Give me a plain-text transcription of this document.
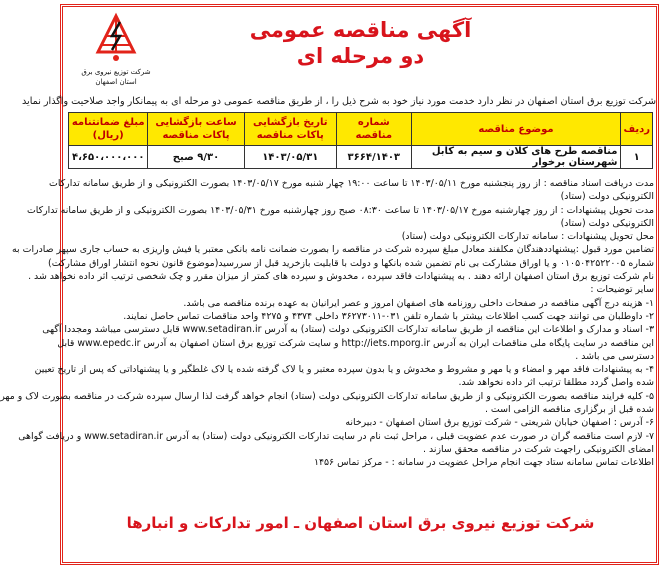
آگهی مناقصه عمومی
دو مرحله ای
شرکت توزیع نیروی برق
استان اصفهان
شرکت توزیع برق استان اصفهان در نظر دارد خدمت مورد نیاز خود به شرح ذیل را ، از طریق مناقصه عمومی دو مرحله ای به پیمانکار واجد صلاحیت واگذار نماید
ردیف	موضوع مناقصه	شماره مناقصه	تاریخ بازگشایی پاکات مناقصه	ساعت بازگشایی پاکات مناقصه	مبلغ ضمانتنامه (ریال)
۱	مناقصه طرح های کلان و سیم به کابل شهرستان برخوار	۳۶۶۴/۱۴۰۳	۱۴۰۳/۰۵/۳۱	۹/۳۰ صبح	۴،۶۵۰،۰۰۰،۰۰۰

مدت دریافت اسناد مناقصه : از روز پنجشنبه مورخ ۱۴۰۳/۰۵/۱۱ تا ساعت ۱۹:۰۰ چهار شنبه مورخ ۱۴۰۳/۰۵/۱۷ بصورت الکترونیکی و از طریق سامانه تدارکات

الکترونیکی دولت (ستاد)

مدت تحویل پیشنهادات : از روز چهارشنبه مورخ ۱۴۰۳/۰۵/۱۷ تا ساعت ۰۸:۳۰ صبح روز چهارشنبه مورخ ۱۴۰۳/۰۵/۳۱ بصورت الکترونیکی و از طریق سامانه تدارکات

الکترونیکی دولت (ستاد)

محل تحویل پیشنهادات : سامانه تدارکات الکترونیکی دولت (ستاد)

تضامین مورد قبول :پیشنهاددهندگان مکلفند معادل مبلغ سپرده شرکت در مناقصه را بصورت ضمانت نامه بانکی معتبر یا فیش واریزی به حساب جاری سپهر صادرات به

شماره ۰۱۰۵۰۴۲۵۲۲۰۰۵ و یا اوراق مشارکت بی نام تضمین شده بانکها و دولت با قابلیت بازخرید قبل از سررسید(موضوع قانون نحوه انتشار اوراق مشارکت)

نام شرکت توزیع برق استان اصفهان ارائه دهند . به پیشنهادات فاقد سپرده ، مخدوش و سپرده های کمتر از میزان مقرر و چک شخصی ترتیب اثر داده نخواهد شد .

سایر توضیحات :

۱- هزینه درج آگهی مناقصه در صفحات داخلی روزنامه های اصفهان امروز و عصر ایرانیان به عهده برنده مناقصه می باشد.

۲- داوطلبان می توانند جهت کسب اطلاعات بیشتر با شماره تلفن ۰۳۱-۳۶۲۷۳۰۱۱ داخلی ۴۳۷۴ و ۴۲۷۵ واحد مناقصات تماس حاصل نمایند.

۳- اسناد و مدارک و اطلاعات این مناقصه از طریق سامانه تدارکات الکترونیکی دولت (ستاد) به آدرس www.setadiran.ir قابل دسترسی میباشد ومجددا آگهی

این مناقصه در سایت پایگاه ملی مناقصات ایران به آدرس http://iets.mporg.ir و سایت شرکت توزیع برق استان اصفهان به آدرس www.epedc.ir قابل

دسترسی می باشد .

۴- به پیشنهادات فاقد مهر و امضاء و یا مهر و مشروط و مخدوش و یا بدون سپرده معتبر و یا لاک گرفته شده یا لاک غلطگیر و یا پیشنهاداتی که پس از تاریخ تعیین

شده واصل گردد مطلقا ترتیب اثر داده نخواهد شد.

۵- کلیه فرایند مناقصه بصورت الکترونیکی و از طریق سامانه تدارکات الکترونیکی دولت (ستاد) انجام خواهد گرفت لذا ارسال سپرده شرکت در مناقصه بصورت لاک و مهر

شده قبل از برگزاری مناقصه الزامی است .

۶- آدرس : اصفهان خیابان شریعتی - شرکت توزیع برق استان اصفهان - دبیرخانه

۷- لازم است مناقصه گران در صورت عدم عضویت قبلی ، مراحل ثبت نام در سایت تدارکات الکترونیکی دولت (ستاد) به آدرس www.setadiran.ir و دریافت گواهی

امضای الکترونیکی راجهت شرکت در مناقصه محقق سازند .

اطلاعات تماس سامانه ستاد جهت انجام مراحل عضویت در سامانه : - مرکز تماس ۱۴۵۶

شرکت توزیع نیروی برق استان اصفهان ـ امور تدارکات و انبارها
